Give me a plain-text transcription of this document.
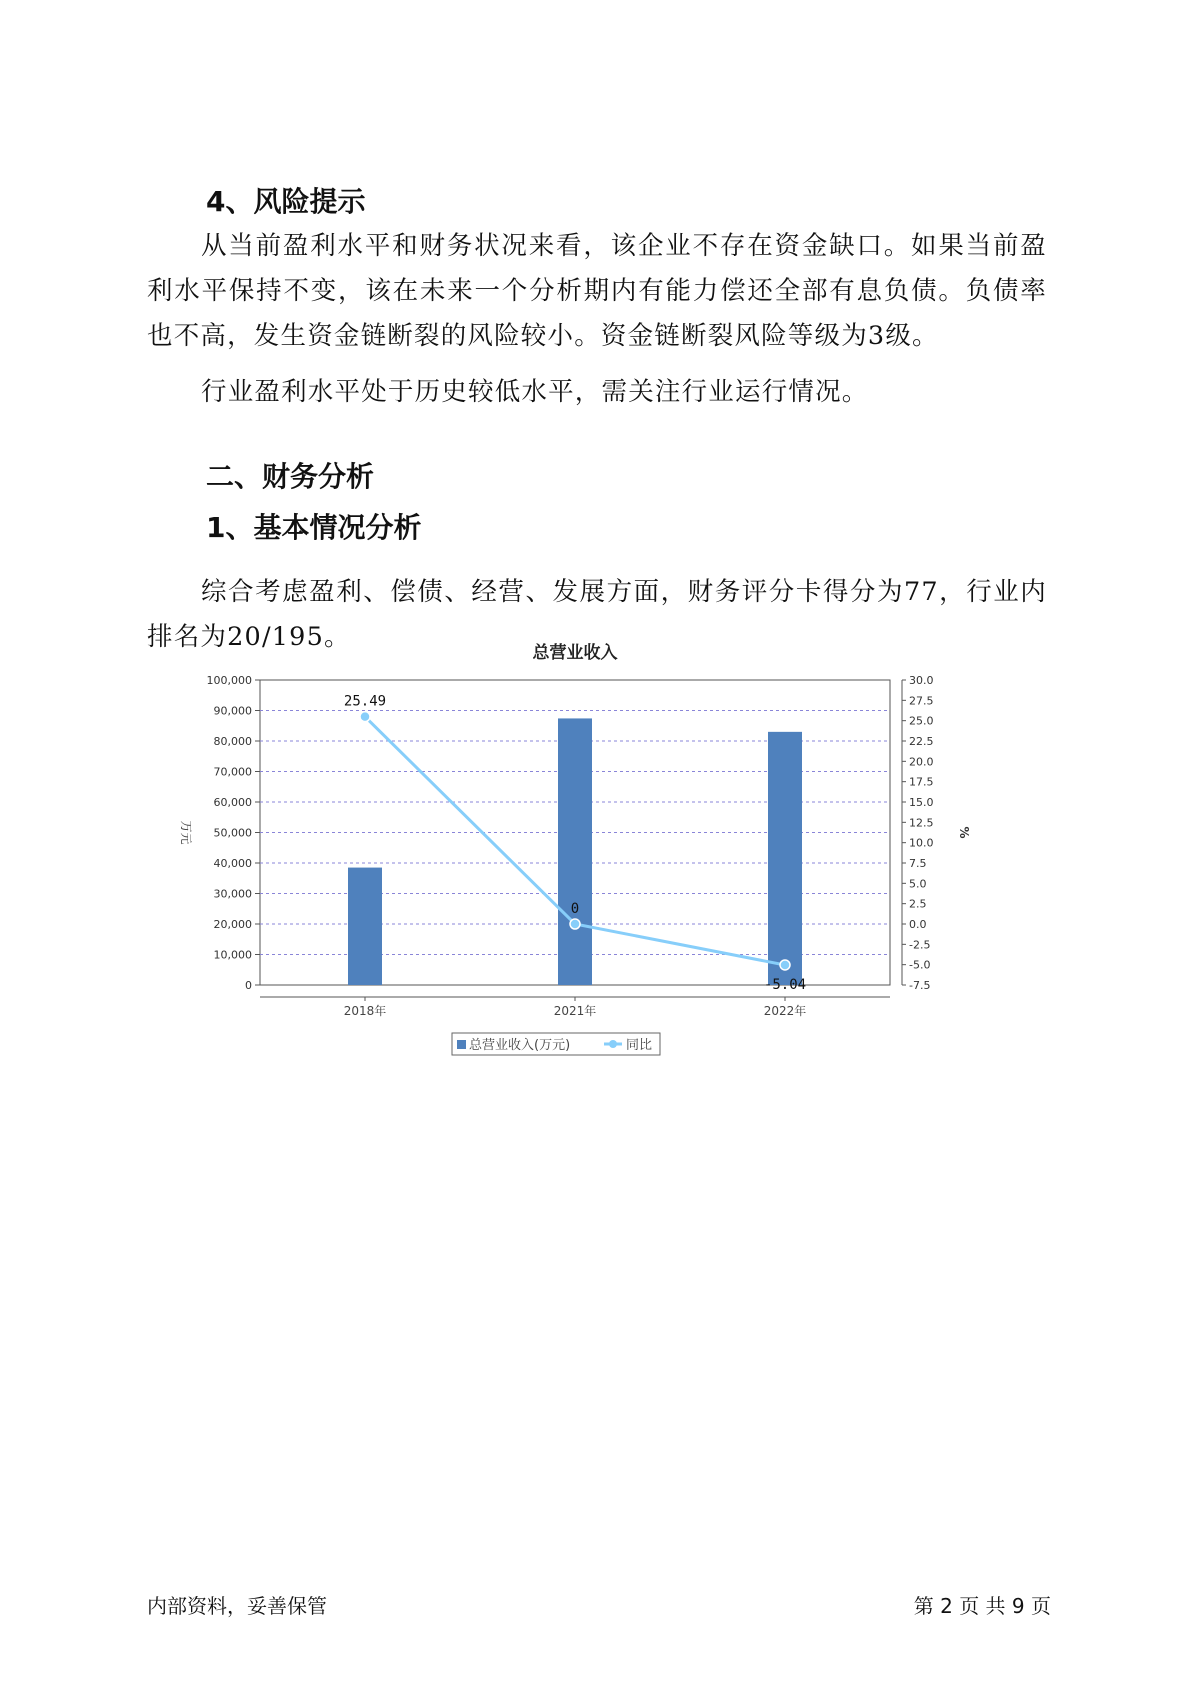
4、风险提示

从当前盈利水平和财务状况来看，该企业不存在资金缺口。如果当前盈利水平保持不变，该在未来一个分析期内有能力偿还全部有息负债。负债率也不高，发生资金链断裂的风险较小。资金链断裂风险等级为3级。

行业盈利水平处于历史较低水平，需关注行业运行情况。

二、财务分析
1、基本情况分析

综合考虑盈利、偿债、经营、发展方面，财务评分卡得分为77，行业内排名为20/195。

总营业收入
0
10,000
20,000
30,000
40,000
50,000
60,000
70,000
80,000
90,000
100,000
-7.5
-5.0
-2.5
0.0
2.5
5.0
7.5
10.0
12.5
15.0
17.5
20.0
22.5
25.0
27.5
30.0
万元	%
2018年	2021年	2022年
25.49
0
-5.04
总营业收入(万元)	同比
内部资料，妥善保管	第 2 页 共 9 页
